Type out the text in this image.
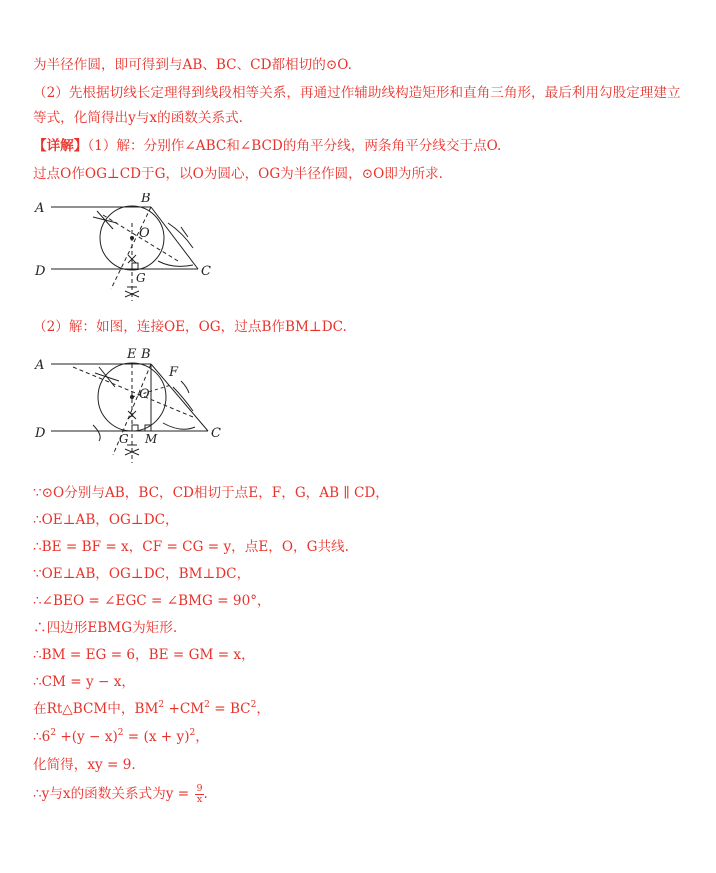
为半径作圆，即可得到与AB、BC、CD都相切的⊙O.
（2）先根据切线长定理得到线段相等关系，再通过作辅助线构造矩形和直角三角形，最后利用勾股定理建立等式，化简得出y与x的函数关系式.
【详解】（1）解：分别作∠ABC和∠BCD的角平分线，两条角平分线交于点O.
过点O作OG⊥CD于G，以O为圆心，OG为半径作圆，⊙O即为所求.
A
B
O
D	G	C
（2）解：如图，连接OE，OG，过点B作BM⊥DC.
A
E B
F
O
D	G M	C
∵⊙O分别与AB，BC，CD相切于点E，F，G，AB ∥ CD，
∴OE⊥AB，OG⊥DC，
∴BE = BF = x，CF = CG = y，点E，O，G共线.
∵OE⊥AB，OG⊥DC，BM⊥DC，
∴∠BEO = ∠EGC = ∠BMG = 90°，
∴四边形EBMG为矩形.
∴BM = EG = 6，BE = GM = x，
∴CM = y − x，
在Rt△BCM中，$BM^2 +CM^2 = BC^2$，
$\therefore 6^2 +(y - x)^2 = (x + y)^2$，
化简得，xy = 9.
∴y与x的函数关系式为$y = \frac{9}{x}$ .
